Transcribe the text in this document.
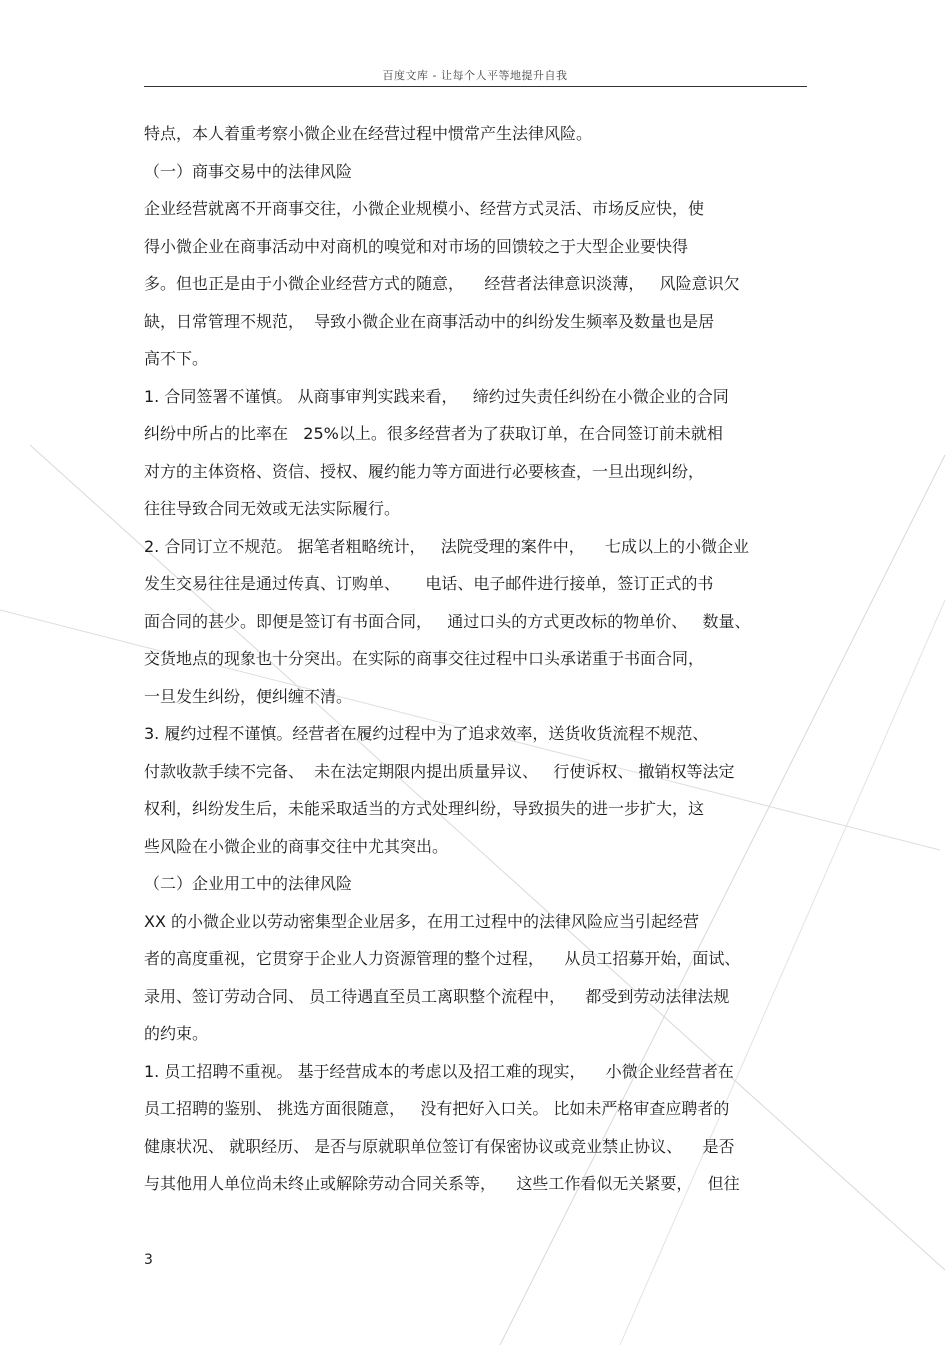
百度文库 - 让每个人平等地提升自我
特点，本人着重考察小微企业在经营过程中惯常产生法律风险。
（一）商事交易中的法律风险
企业经营就离不开商事交往，小微企业规模小、经营方式灵活、市场反应快，使
得小微企业在商事活动中对商机的嗅觉和对市场的回馈较之于大型企业要快得
多。但也正是由于小微企业经营方式的随意，    经营者法律意识淡薄，   风险意识欠
缺，日常管理不规范，  导致小微企业在商事活动中的纠纷发生频率及数量也是居
高不下。
1. 合同签署不谨慎。 从商事审判实践来看，   缔约过失责任纠纷在小微企业的合同
纠纷中所占的比率在   25%以上。很多经营者为了获取订单，在合同签订前未就相
对方的主体资格、资信、授权、履约能力等方面进行必要核查，一旦出现纠纷，
往往导致合同无效或无法实际履行。
2. 合同订立不规范。 据笔者粗略统计，   法院受理的案件中，    七成以上的小微企业
发生交易往往是通过传真、订购单、     电话、电子邮件进行接单，签订正式的书
面合同的甚少。即便是签订有书面合同，   通过口头的方式更改标的物单价、   数量、
交货地点的现象也十分突出。在实际的商事交往过程中口头承诺重于书面合同，
一旦发生纠纷，便纠缠不清。
3. 履约过程不谨慎。经营者在履约过程中为了追求效率，送货收货流程不规范、
付款收款手续不完备、  未在法定期限内提出质量异议、   行使诉权、 撤销权等法定
权利，纠纷发生后，未能采取适当的方式处理纠纷，导致损失的进一步扩大，这
些风险在小微企业的商事交往中尤其突出。
（二）企业用工中的法律风险
XX 的小微企业以劳动密集型企业居多，在用工过程中的法律风险应当引起经营
者的高度重视，它贯穿于企业人力资源管理的整个过程，    从员工招募开始，面试、
录用、签订劳动合同、 员工待遇直至员工离职整个流程中，    都受到劳动法律法规
的约束。
1. 员工招聘不重视。 基于经营成本的考虑以及招工难的现实，    小微企业经营者在
员工招聘的鉴别、 挑选方面很随意，   没有把好入口关。 比如未严格审查应聘者的
健康状况、 就职经历、 是否与原就职单位签订有保密协议或竞业禁止协议、    是否
与其他用人单位尚未终止或解除劳动合同关系等，    这些工作看似无关紧要，   但往
3
